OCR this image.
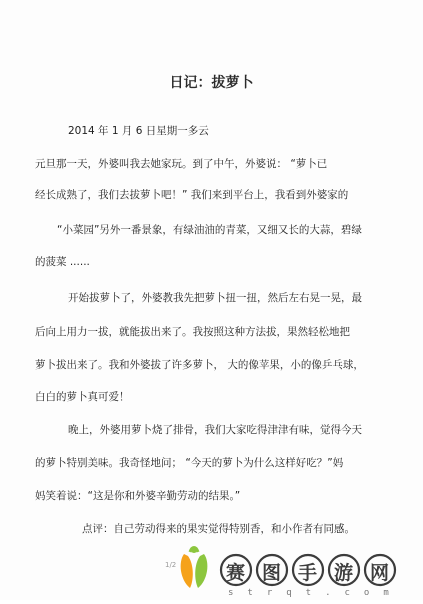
日记：拔萝卜
2014 年 1 月 6 日星期一多云
元旦那一天，外婆叫我去她家玩。到了中午，外婆说： “萝卜已
经长成熟了，我们去拔萝卜吧！” 我们来到平台上，我看到外婆家的
“小菜园”另外一番景象，有绿油油的青菜，又细又长的大蒜，碧绿
的菠菜 ......
开始拔萝卜了，外婆教我先把萝卜扭一扭，然后左右晃一晃，最
后向上用力一拔，就能拔出来了。我按照这种方法拔，果然轻松地把
萝卜拔出来了。我和外婆拔了许多萝卜， 大的像苹果，小的像乒乓球，
白白的萝卜真可爱！
晚上，外婆用萝卜烧了排骨，我们大家吃得津津有味，觉得今天
的萝卜特别美味。我奇怪地问； “今天的萝卜为什么这样好吃？”妈
妈笑着说：“这是你和外婆辛勤劳动的结果。”
点评：自己劳动得来的果实觉得特别香，和小作者有同感。
1/2	赛 图 手 游 网
strqt.com
